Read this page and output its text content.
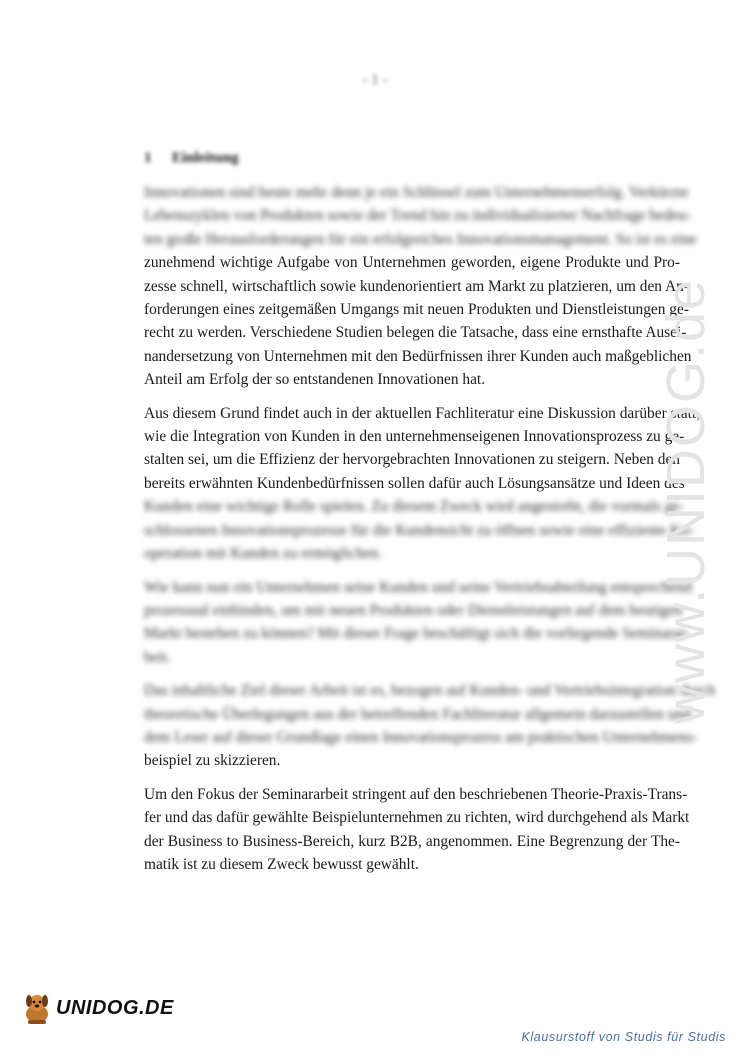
- 1 -
1 Einleitung
Innovationen sind heute mehr denn je ein Schlüssel zum Unternehmenserfolg. Verkürzte
Lebenszyklen von Produkten sowie der Trend hin zu individualisierter Nachfrage bedeu-
ten große Herausforderungen für ein erfolgreiches Innovationsmanagement. So ist es eine
zunehmend wichtige Aufgabe von Unternehmen geworden, eigene Produkte und Pro-
zesse schnell, wirtschaftlich sowie kundenorientiert am Markt zu platzieren, um den An-
forderungen eines zeitgemäßen Umgangs mit neuen Produkten und Dienstleistungen ge-
recht zu werden. Verschiedene Studien belegen die Tatsache, dass eine ernsthafte Ausei-
nandersetzung von Unternehmen mit den Bedürfnissen ihrer Kunden auch maßgeblichen
Anteil am Erfolg der so entstandenen Innovationen hat.
Aus diesem Grund findet auch in der aktuellen Fachliteratur eine Diskussion darüber statt,
wie die Integration von Kunden in den unternehmenseigenen Innovationsprozess zu ge-
stalten sei, um die Effizienz der hervorgebrachten Innovationen zu steigern. Neben den
bereits erwähnten Kundenbedürfnissen sollen dafür auch Lösungsansätze und Ideen des
Kunden eine wichtige Rolle spielen. Zu diesem Zweck wird angestrebt, die vormals ge-
schlossenen Innovationsprozesse für die Kundensicht zu öffnen sowie eine effiziente Ko-
operation mit Kunden zu ermöglichen.
Wie kann nun ein Unternehmen seine Kunden und seine Vertriebsabteilung entsprechend
prozessual einbinden, um mit neuen Produkten oder Dienstleistungen auf dem heutigen
Markt bestehen zu können? Mit dieser Frage beschäftigt sich die vorliegende Seminarar-
beit.
Das inhaltliche Ziel dieser Arbeit ist es, bezogen auf Kunden- und Vertriebsintegration durch
theoretische Überlegungen aus der betreffenden Fachliteratur allgemein darzustellen und
dem Leser auf dieser Grundlage einen Innovationsprozess am praktischen Unternehmens-
beispiel zu skizzieren.
Um den Fokus der Seminararbeit stringent auf den beschriebenen Theorie-Praxis-Trans-
fer und das dafür gewählte Beispielunternehmen zu richten, wird durchgehend als Markt
der Business to Business-Bereich, kurz B2B, angenommen. Eine Begrenzung der The-
matik ist zu diesem Zweck bewusst gewählt.
www.UNIDOG.de
UNIDOG.DE
Klausurstoff von Studis für Studis
